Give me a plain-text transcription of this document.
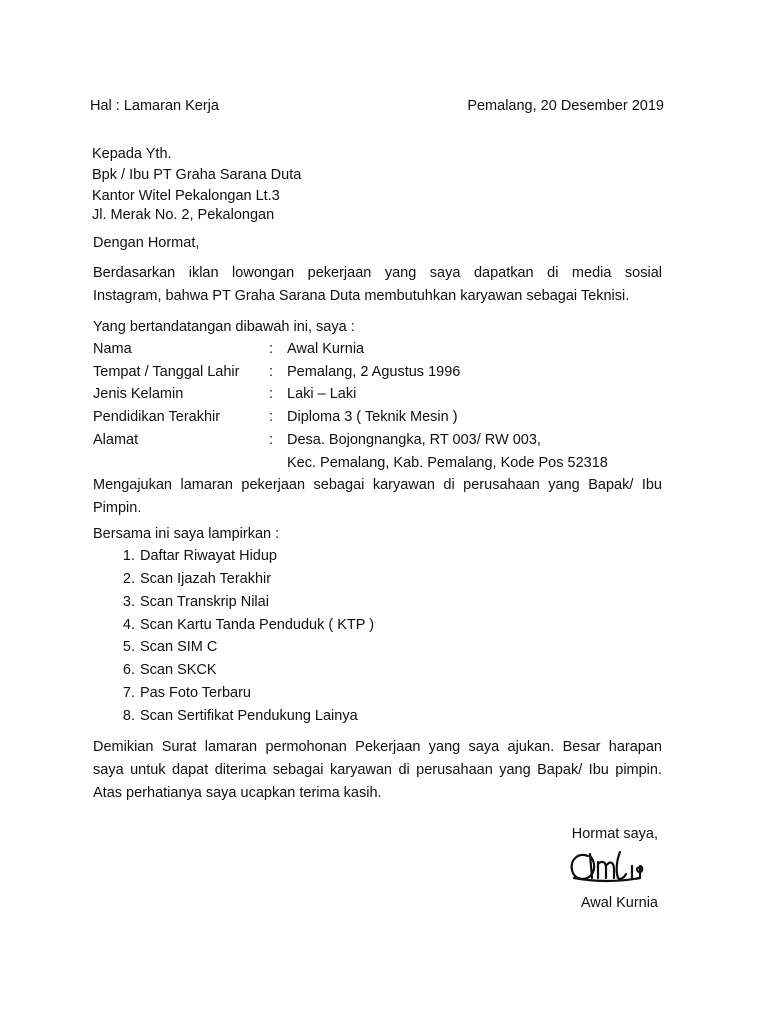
Hal : Lamaran Kerja	Pemalang, 20 Desember 2019
Kepada Yth.
Bpk / Ibu PT Graha Sarana Duta
Kantor Witel Pekalongan Lt.3
Jl. Merak No. 2, Pekalongan
Dengan Hormat,
Berdasarkan iklan lowongan pekerjaan yang saya dapatkan di media sosial
Instagram, bahwa PT Graha Sarana Duta membutuhkan karyawan sebagai Teknisi.
Yang bertandatangan dibawah ini, saya :
Nama	: Awal Kurnia
Tempat / Tanggal Lahir : Pemalang, 2 Agustus 1996
Jenis Kelamin	: Laki – Laki
Pendidikan Terakhir	: Diploma 3 ( Teknik Mesin )
Alamat	: Desa. Bojongnangka, RT 003/ RW 003,
Kec. Pemalang, Kab. Pemalang, Kode Pos 52318
Mengajukan lamaran pekerjaan sebagai karyawan di perusahaan yang Bapak/ Ibu
Pimpin.
Bersama ini saya lampirkan :
1. Daftar Riwayat Hidup
2. Scan Ijazah Terakhir
3. Scan Transkrip Nilai
4. Scan Kartu Tanda Penduduk ( KTP )
5. Scan SIM C
6. Scan SKCK
7. Pas Foto Terbaru
8. Scan Sertifikat Pendukung Lainya
Demikian Surat lamaran permohonan Pekerjaan yang saya ajukan. Besar harapan
saya untuk dapat diterima sebagai karyawan di perusahaan yang Bapak/ Ibu pimpin.
Atas perhatianya saya ucapkan terima kasih.
Hormat saya,
Awal Kurnia
